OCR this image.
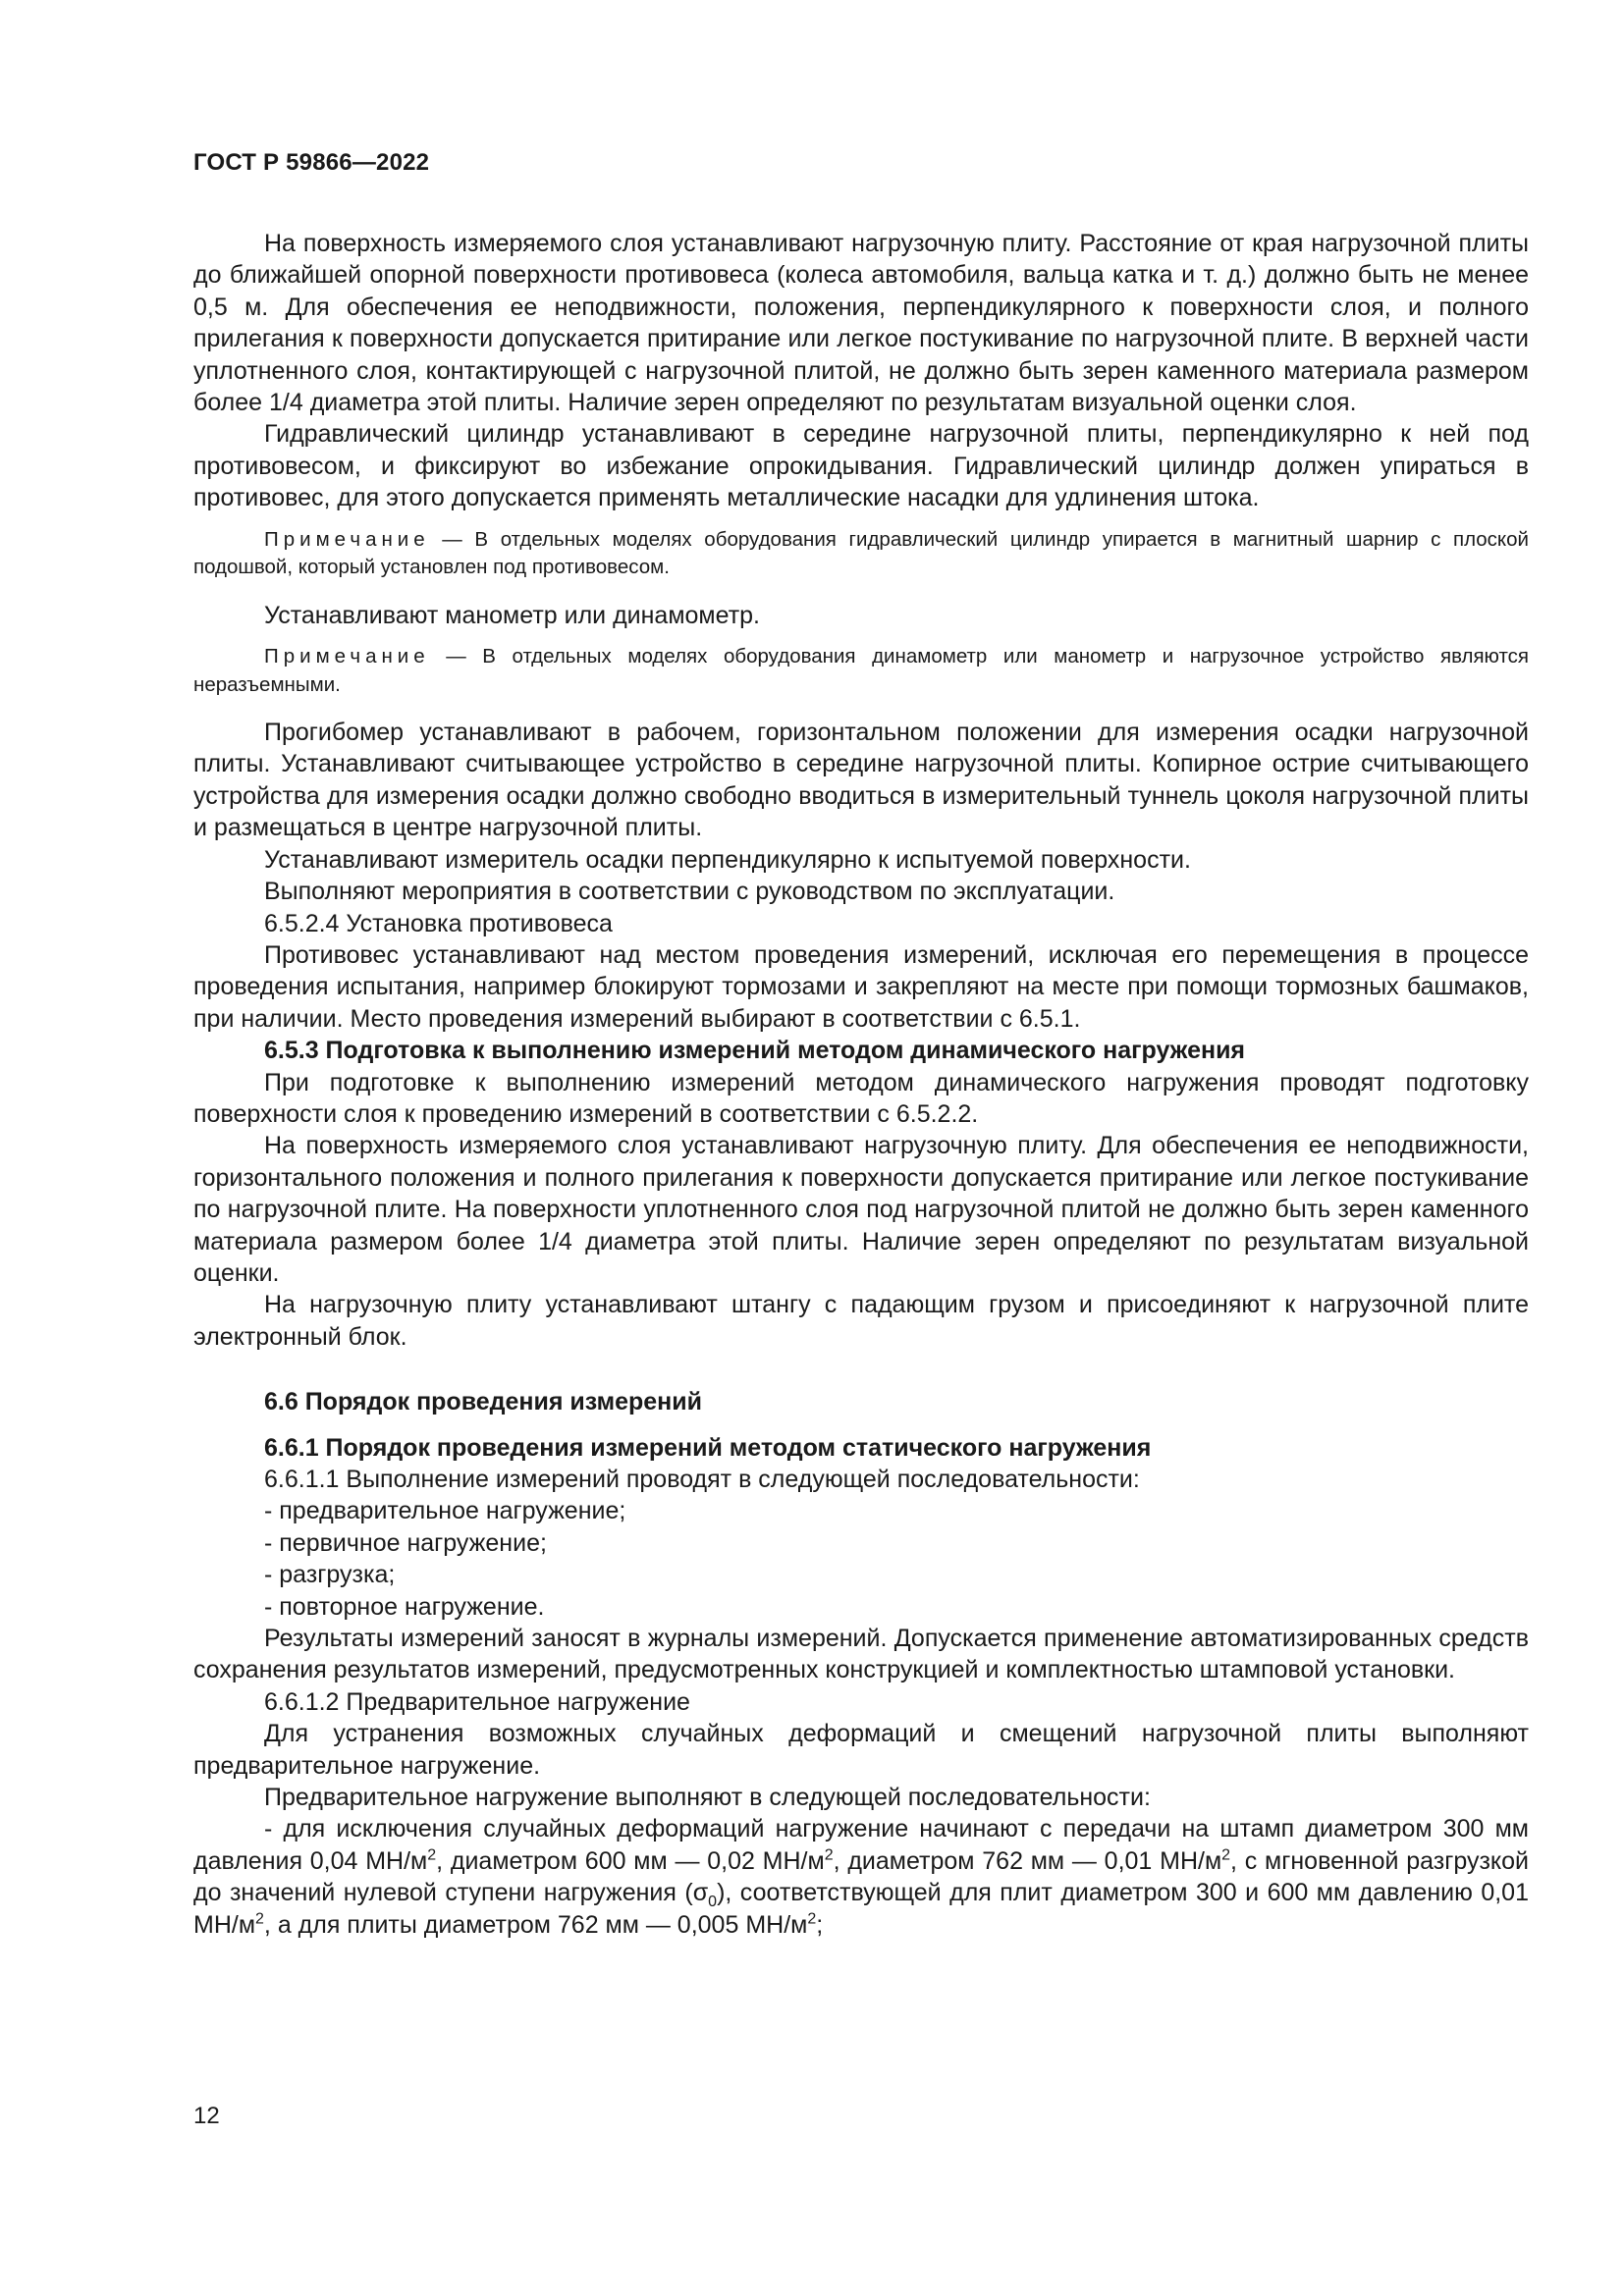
ГОСТ Р 59866—2022

На поверхность измеряемого слоя устанавливают нагрузочную плиту. Расстояние от края нагрузочной плиты до ближайшей опорной поверхности противовеса (колеса автомобиля, вальца катка и т. д.) должно быть не менее 0,5 м. Для обеспечения ее неподвижности, положения, перпендикулярного к поверхности слоя, и полного прилегания к поверхности допускается притирание или легкое постукивание по нагрузочной плите. В верхней части уплотненного слоя, контактирующей с нагрузочной плитой, не должно быть зерен каменного материала размером более 1/4 диаметра этой плиты. Наличие зерен определяют по результатам визуальной оценки слоя.

Гидравлический цилиндр устанавливают в середине нагрузочной плиты, перпендикулярно к ней под противовесом, и фиксируют во избежание опрокидывания. Гидравлический цилиндр должен упираться в противовес, для этого допускается применять металлические насадки для удлинения штока.

Примечание — В отдельных моделях оборудования гидравлический цилиндр упирается в магнитный шарнир с плоской подошвой, который установлен под противовесом.

Устанавливают манометр или динамометр.

Примечание — В отдельных моделях оборудования динамометр или манометр и нагрузочное устройство являются неразъемными.

Прогибомер устанавливают в рабочем, горизонтальном положении для измерения осадки нагрузочной плиты. Устанавливают считывающее устройство в середине нагрузочной плиты. Копирное острие считывающего устройства для измерения осадки должно свободно вводиться в измерительный туннель цоколя нагрузочной плиты и размещаться в центре нагрузочной плиты.

Устанавливают измеритель осадки перпендикулярно к испытуемой поверхности.

Выполняют мероприятия в соответствии с руководством по эксплуатации.

6.5.2.4 Установка противовеса

Противовес устанавливают над местом проведения измерений, исключая его перемещения в процессе проведения испытания, например блокируют тормозами и закрепляют на месте при помощи тормозных башмаков, при наличии. Место проведения измерений выбирают в соответствии с 6.5.1.

6.5.3 Подготовка к выполнению измерений методом динамического нагружения

При подготовке к выполнению измерений методом динамического нагружения проводят подготовку поверхности слоя к проведению измерений в соответствии с 6.5.2.2.

На поверхность измеряемого слоя устанавливают нагрузочную плиту. Для обеспечения ее неподвижности, горизонтального положения и полного прилегания к поверхности допускается притирание или легкое постукивание по нагрузочной плите. На поверхности уплотненного слоя под нагрузочной плитой не должно быть зерен каменного материала размером более 1/4 диаметра этой плиты. Наличие зерен определяют по результатам визуальной оценки.

На нагрузочную плиту устанавливают штангу с падающим грузом и присоединяют к нагрузочной плите электронный блок.

6.6 Порядок проведения измерений

6.6.1 Порядок проведения измерений методом статического нагружения

6.6.1.1 Выполнение измерений проводят в следующей последовательности:

- предварительное нагружение;

- первичное нагружение;

- разгрузка;

- повторное нагружение.

Результаты измерений заносят в журналы измерений. Допускается применение автоматизированных средств сохранения результатов измерений, предусмотренных конструкцией и комплектностью штамповой установки.

6.6.1.2 Предварительное нагружение

Для устранения возможных случайных деформаций и смещений нагрузочной плиты выполняют предварительное нагружение.

Предварительное нагружение выполняют в следующей последовательности:

- для исключения случайных деформаций нагружение начинают с передачи на штамп диаметром 300 мм давления 0,04 $МН/м^2$, диаметром 600 мм — 0,02 $МН/м^2$, диаметром 762 мм — 0,01 $МН/м^2$, с мгновенной разгрузкой до значений нулевой ступени нагружения $(\sigma_0)$, соответствующей для плит диаметром 300 и 600 мм давлению 0,01 $МН/м^2$, а для плиты диаметром 762 мм — 0,005 $МН/м^2$;

12
